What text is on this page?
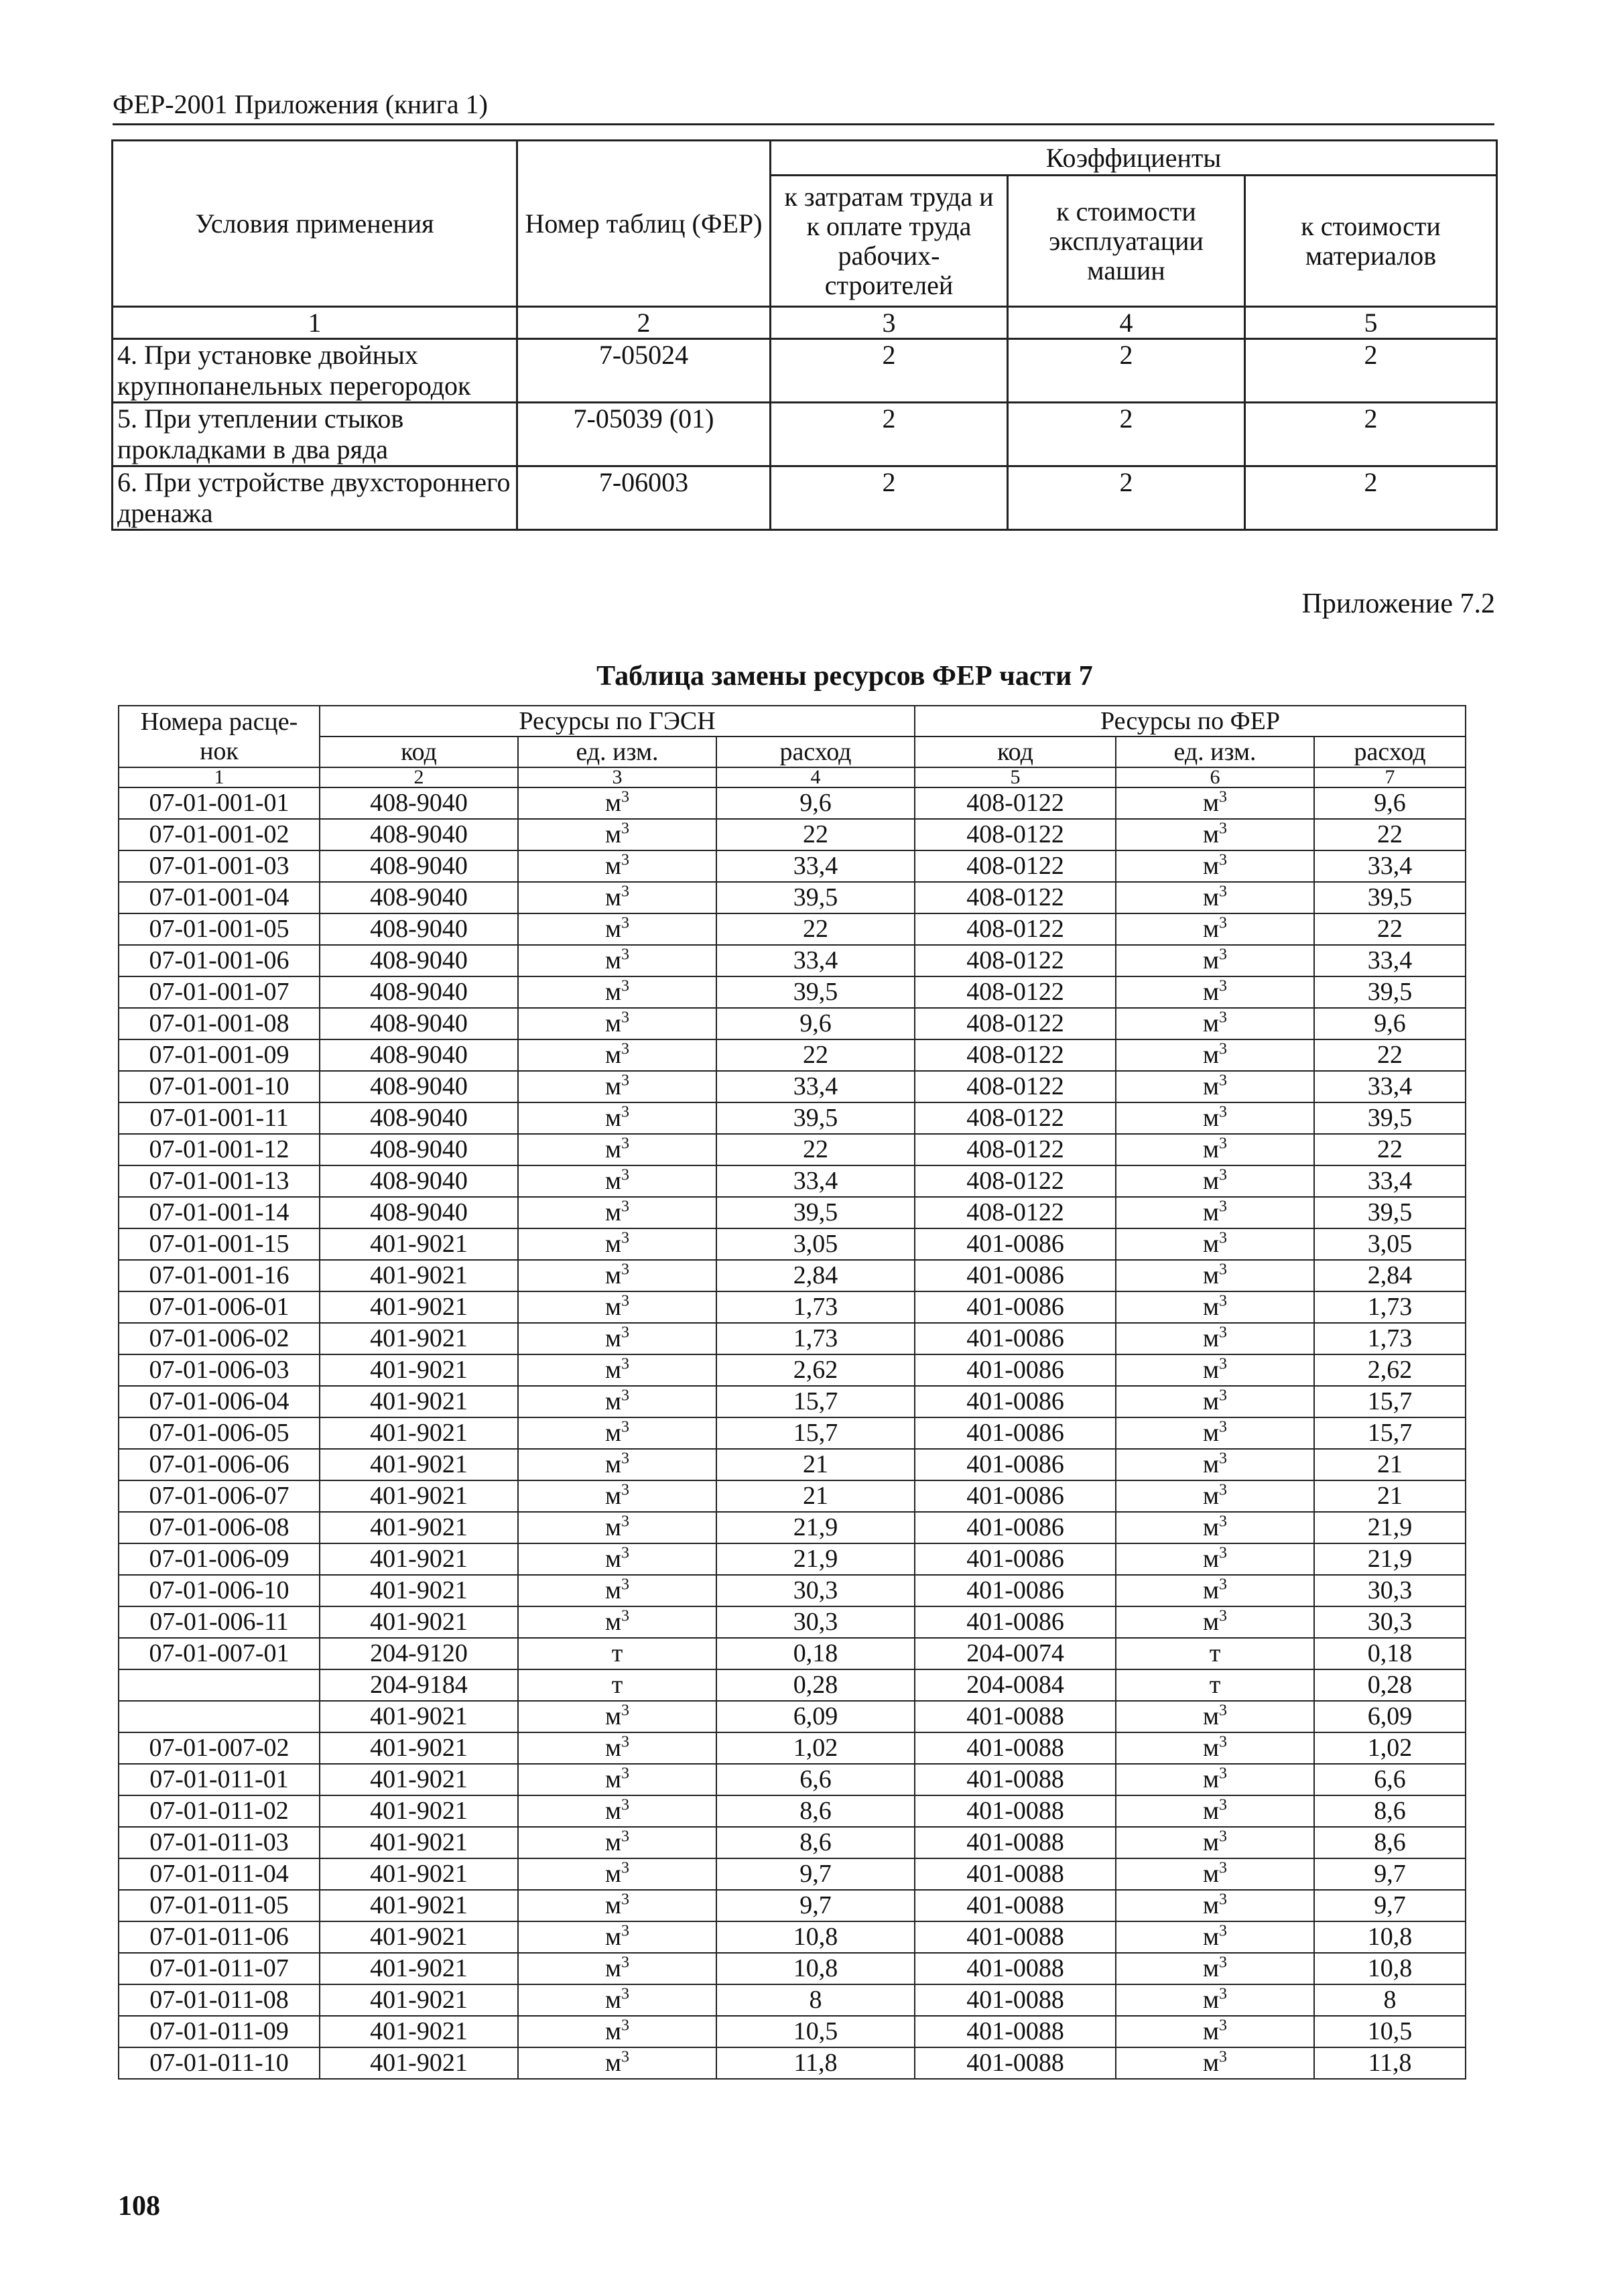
ФЕР-2001 Приложения (книга 1)
Условия применения	Номер таблиц (ФЕР)	Коэффициенты		
		к затратам труда и к оплате труда рабочих-строителей	к стоимости эксплуатации машин	к стоимости материалов
1	2	3	4	5
4. При установке двойных крупнопанельных перегородок	7-05024	2	2	2
5. При утеплении стыков прокладками в два ряда	7-05039 (01)	2	2	2
6. При устройстве двухстороннего дренажа	7-06003	2	2	2
Приложение 7.2
Таблица замены ресурсов ФЕР части 7
Номера расце-нок	Ресурсы по ГЭСН			Ресурсы по ФЕР		
	код	ед. изм.	расход	код	ед. изм.	расход
1	2	3	4	5	6	7
07-01-001-01	408-9040	$м^3$	9,6	408-0122	$м^3$	9,6
07-01-001-02	408-9040	$м^3$	22	408-0122	$м^3$	22
07-01-001-03	408-9040	$м^3$	33,4	408-0122	$м^3$	33,4
07-01-001-04	408-9040	$м^3$	39,5	408-0122	$м^3$	39,5
07-01-001-05	408-9040	$м^3$	22	408-0122	$м^3$	22
07-01-001-06	408-9040	$м^3$	33,4	408-0122	$м^3$	33,4
07-01-001-07	408-9040	$м^3$	39,5	408-0122	$м^3$	39,5
07-01-001-08	408-9040	$м^3$	9,6	408-0122	$м^3$	9,6
07-01-001-09	408-9040	$м^3$	22	408-0122	$м^3$	22
07-01-001-10	408-9040	$м^3$	33,4	408-0122	$м^3$	33,4
07-01-001-11	408-9040	$м^3$	39,5	408-0122	$м^3$	39,5
07-01-001-12	408-9040	$м^3$	22	408-0122	$м^3$	22
07-01-001-13	408-9040	$м^3$	33,4	408-0122	$м^3$	33,4
07-01-001-14	408-9040	$м^3$	39,5	408-0122	$м^3$	39,5
07-01-001-15	401-9021	$м^3$	3,05	401-0086	$м^3$	3,05
07-01-001-16	401-9021	$м^3$	2,84	401-0086	$м^3$	2,84
07-01-006-01	401-9021	$м^3$	1,73	401-0086	$м^3$	1,73
07-01-006-02	401-9021	$м^3$	1,73	401-0086	$м^3$	1,73
07-01-006-03	401-9021	$м^3$	2,62	401-0086	$м^3$	2,62
07-01-006-04	401-9021	$м^3$	15,7	401-0086	$м^3$	15,7
07-01-006-05	401-9021	$м^3$	15,7	401-0086	$м^3$	15,7
07-01-006-06	401-9021	$м^3$	21	401-0086	$м^3$	21
07-01-006-07	401-9021	$м^3$	21	401-0086	$м^3$	21
07-01-006-08	401-9021	$м^3$	21,9	401-0086	$м^3$	21,9
07-01-006-09	401-9021	$м^3$	21,9	401-0086	$м^3$	21,9
07-01-006-10	401-9021	$м^3$	30,3	401-0086	$м^3$	30,3
07-01-006-11	401-9021	$м^3$	30,3	401-0086	$м^3$	30,3
07-01-007-01	204-9120	т	0,18	204-0074	т	0,18
	204-9184	т	0,28	204-0084	т	0,28
	401-9021	$м^3$	6,09	401-0088	$м^3$	6,09
07-01-007-02	401-9021	$м^3$	1,02	401-0088	$м^3$	1,02
07-01-011-01	401-9021	$м^3$	6,6	401-0088	$м^3$	6,6
07-01-011-02	401-9021	$м^3$	8,6	401-0088	$м^3$	8,6
07-01-011-03	401-9021	$м^3$	8,6	401-0088	$м^3$	8,6
07-01-011-04	401-9021	$м^3$	9,7	401-0088	$м^3$	9,7
07-01-011-05	401-9021	$м^3$	9,7	401-0088	$м^3$	9,7
07-01-011-06	401-9021	$м^3$	10,8	401-0088	$м^3$	10,8
07-01-011-07	401-9021	$м^3$	10,8	401-0088	$м^3$	10,8
07-01-011-08	401-9021	$м^3$	8	401-0088	$м^3$	8
07-01-011-09	401-9021	$м^3$	10,5	401-0088	$м^3$	10,5
07-01-011-10	401-9021	$м^3$	11,8	401-0088	$м^3$	11,8
108
